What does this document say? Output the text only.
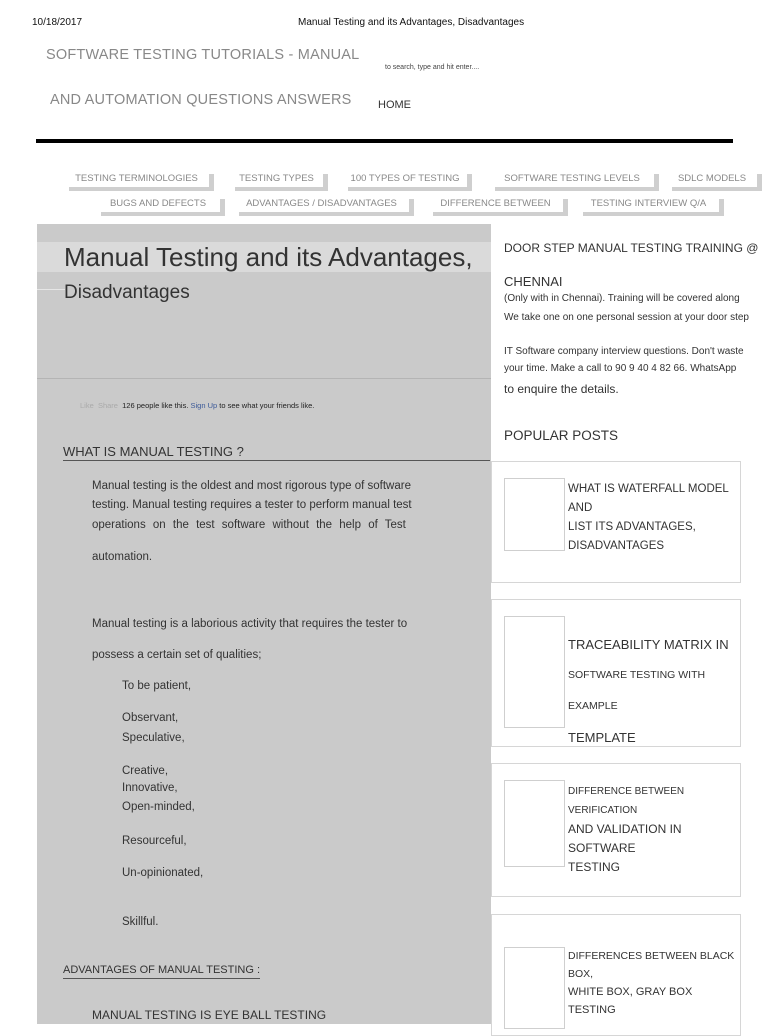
10/18/2017	Manual Testing and its Advantages, Disadvantages
SOFTWARE TESTING TUTORIALS - MANUAL
AND AUTOMATION QUESTIONS ANSWERS
to search, type and hit enter....
HOME
TESTING TERMINOLOGIES	TESTING TYPES	100 TYPES OF TESTING	SOFTWARE TESTING LEVELS	SDLC MODELS
BUGS AND DEFECTS	ADVANTAGES / DISADVANTAGES	DIFFERENCE BETWEEN	TESTING INTERVIEW Q/A
Manual Testing and its Advantages,
Disadvantages
Like Share 126 people like this. Sign Up to see what your friends like.
WHAT IS MANUAL TESTING ?
Manual testing is the oldest and most rigorous type of software
testing. Manual testing requires a tester to perform manual test
operations on the test software without the help of Test
automation.
Manual testing is a laborious activity that requires the tester to
possess a certain set of qualities;
To be patient,
Observant,
Speculative,
Creative,
Innovative,
Open-minded,
Resourceful,
Un-opinionated,
Skillful.
ADVANTAGES OF MANUAL TESTING :
MANUAL TESTING IS EYE BALL TESTING
DOOR STEP MANUAL TESTING TRAINING @
CHENNAI
(Only with in Chennai). Training will be covered along
We take one on one personal session at your door step
IT Software company interview questions. Don't waste
your time. Make a call to 90 9 40 4 82 66. WhatsApp
to enquire the details.
POPULAR POSTS
WHAT IS WATERFALL MODEL AND
LIST ITS ADVANTAGES,
DISADVANTAGES
TRACEABILITY MATRIX IN
SOFTWARE TESTING WITH EXAMPLE
TEMPLATE
DIFFERENCE BETWEEN VERIFICATION
AND VALIDATION IN SOFTWARE
TESTING
DIFFERENCES BETWEEN BLACK BOX,
WHITE BOX, GRAY BOX TESTING
